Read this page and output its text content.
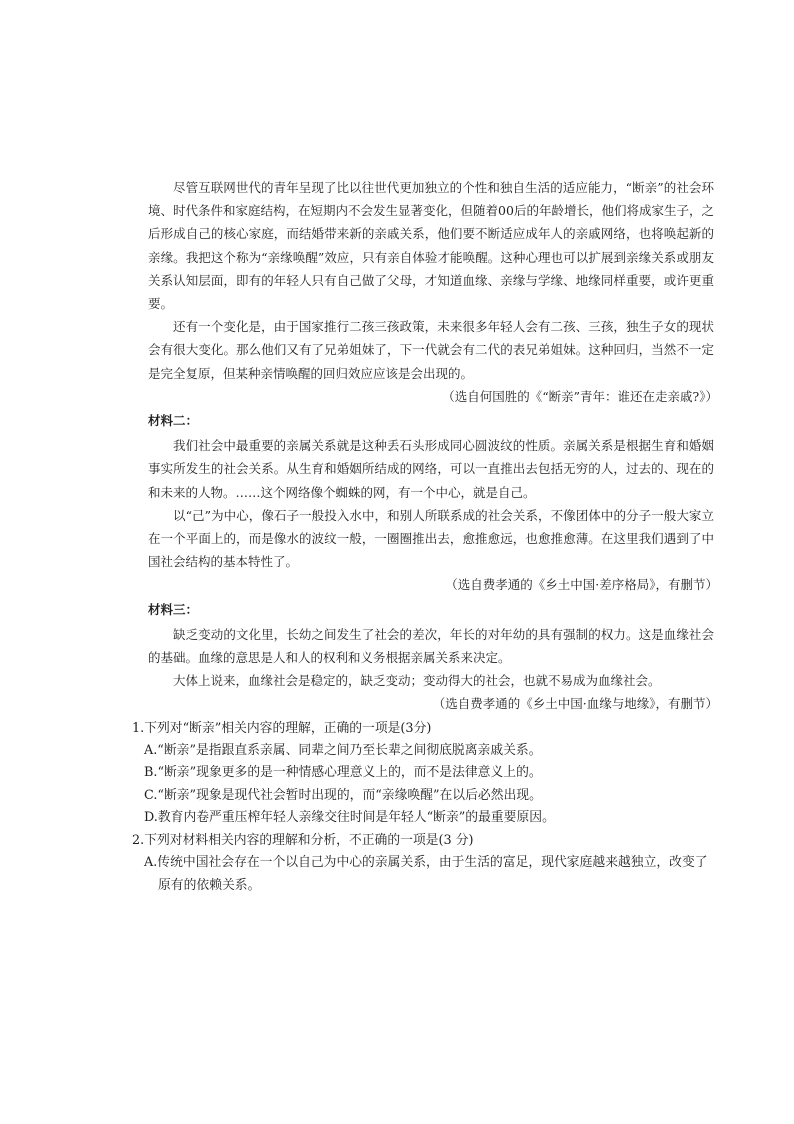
尽管互联网世代的青年呈现了比以往世代更加独立的个性和独自生活的适应能力，“断亲”的社会环境、时代条件和家庭结构，在短期内不会发生显著变化，但随着00后的年龄增长，他们将成家生子，之后形成自己的核心家庭，而结婚带来新的亲戚关系，他们要不断适应成年人的亲戚网络，也将唤起新的亲缘。我把这个称为“亲缘唤醒”效应，只有亲自体验才能唤醒。这种心理也可以扩展到亲缘关系或朋友关系认知层面，即有的年轻人只有自己做了父母，才知道血缘、亲缘与学缘、地缘同样重要，或许更重要。

还有一个变化是，由于国家推行二孩三孩政策，未来很多年轻人会有二孩、三孩，独生子女的现状会有很大变化。那么他们又有了兄弟姐妹了，下一代就会有二代的表兄弟姐妹。这种回归，当然不一定是完全复原，但某种亲情唤醒的回归效应应该是会出现的。

（选自何国胜的《“断亲”青年：谁还在走亲戚?》）

材料二：

我们社会中最重要的亲属关系就是这种丢石头形成同心圆波纹的性质。亲属关系是根据生育和婚姻事实所发生的社会关系。从生育和婚姻所结成的网络，可以一直推出去包括无穷的人，过去的、现在的和未来的人物。……这个网络像个蜘蛛的网，有一个中心，就是自己。

以“己”为中心，像石子一般投入水中，和别人所联系成的社会关系，不像团体中的分子一般大家立在一个平面上的，而是像水的波纹一般，一圈圈推出去，愈推愈远，也愈推愈薄。在这里我们遇到了中国社会结构的基本特性了。

（选自费孝通的《乡土中国·差序格局》，有删节）

材料三：

缺乏变动的文化里，长幼之间发生了社会的差次，年长的对年幼的具有强制的权力。这是血缘社会的基础。血缘的意思是人和人的权利和义务根据亲属关系来决定。

大体上说来，血缘社会是稳定的，缺乏变动；变动得大的社会，也就不易成为血缘社会。

（选自费孝通的《乡土中国·血缘与地缘》，有删节）

1.下列对“断亲”相关内容的理解，正确的一项是(3分)

A.“断亲”是指跟直系亲属、同辈之间乃至长辈之间彻底脱离亲戚关系。

B.“断亲”现象更多的是一种情感心理意义上的，而不是法律意义上的。

C.“断亲”现象是现代社会暂时出现的，而“亲缘唤醒”在以后必然出现。

D.教育内卷严重压榨年轻人亲缘交往时间是年轻人“断亲”的最重要原因。

2.下列对材料相关内容的理解和分析，不正确的一项是(3 分)

A.传统中国社会存在一个以自己为中心的亲属关系，由于生活的富足，现代家庭越来越独立，改变了原有的依赖关系。
